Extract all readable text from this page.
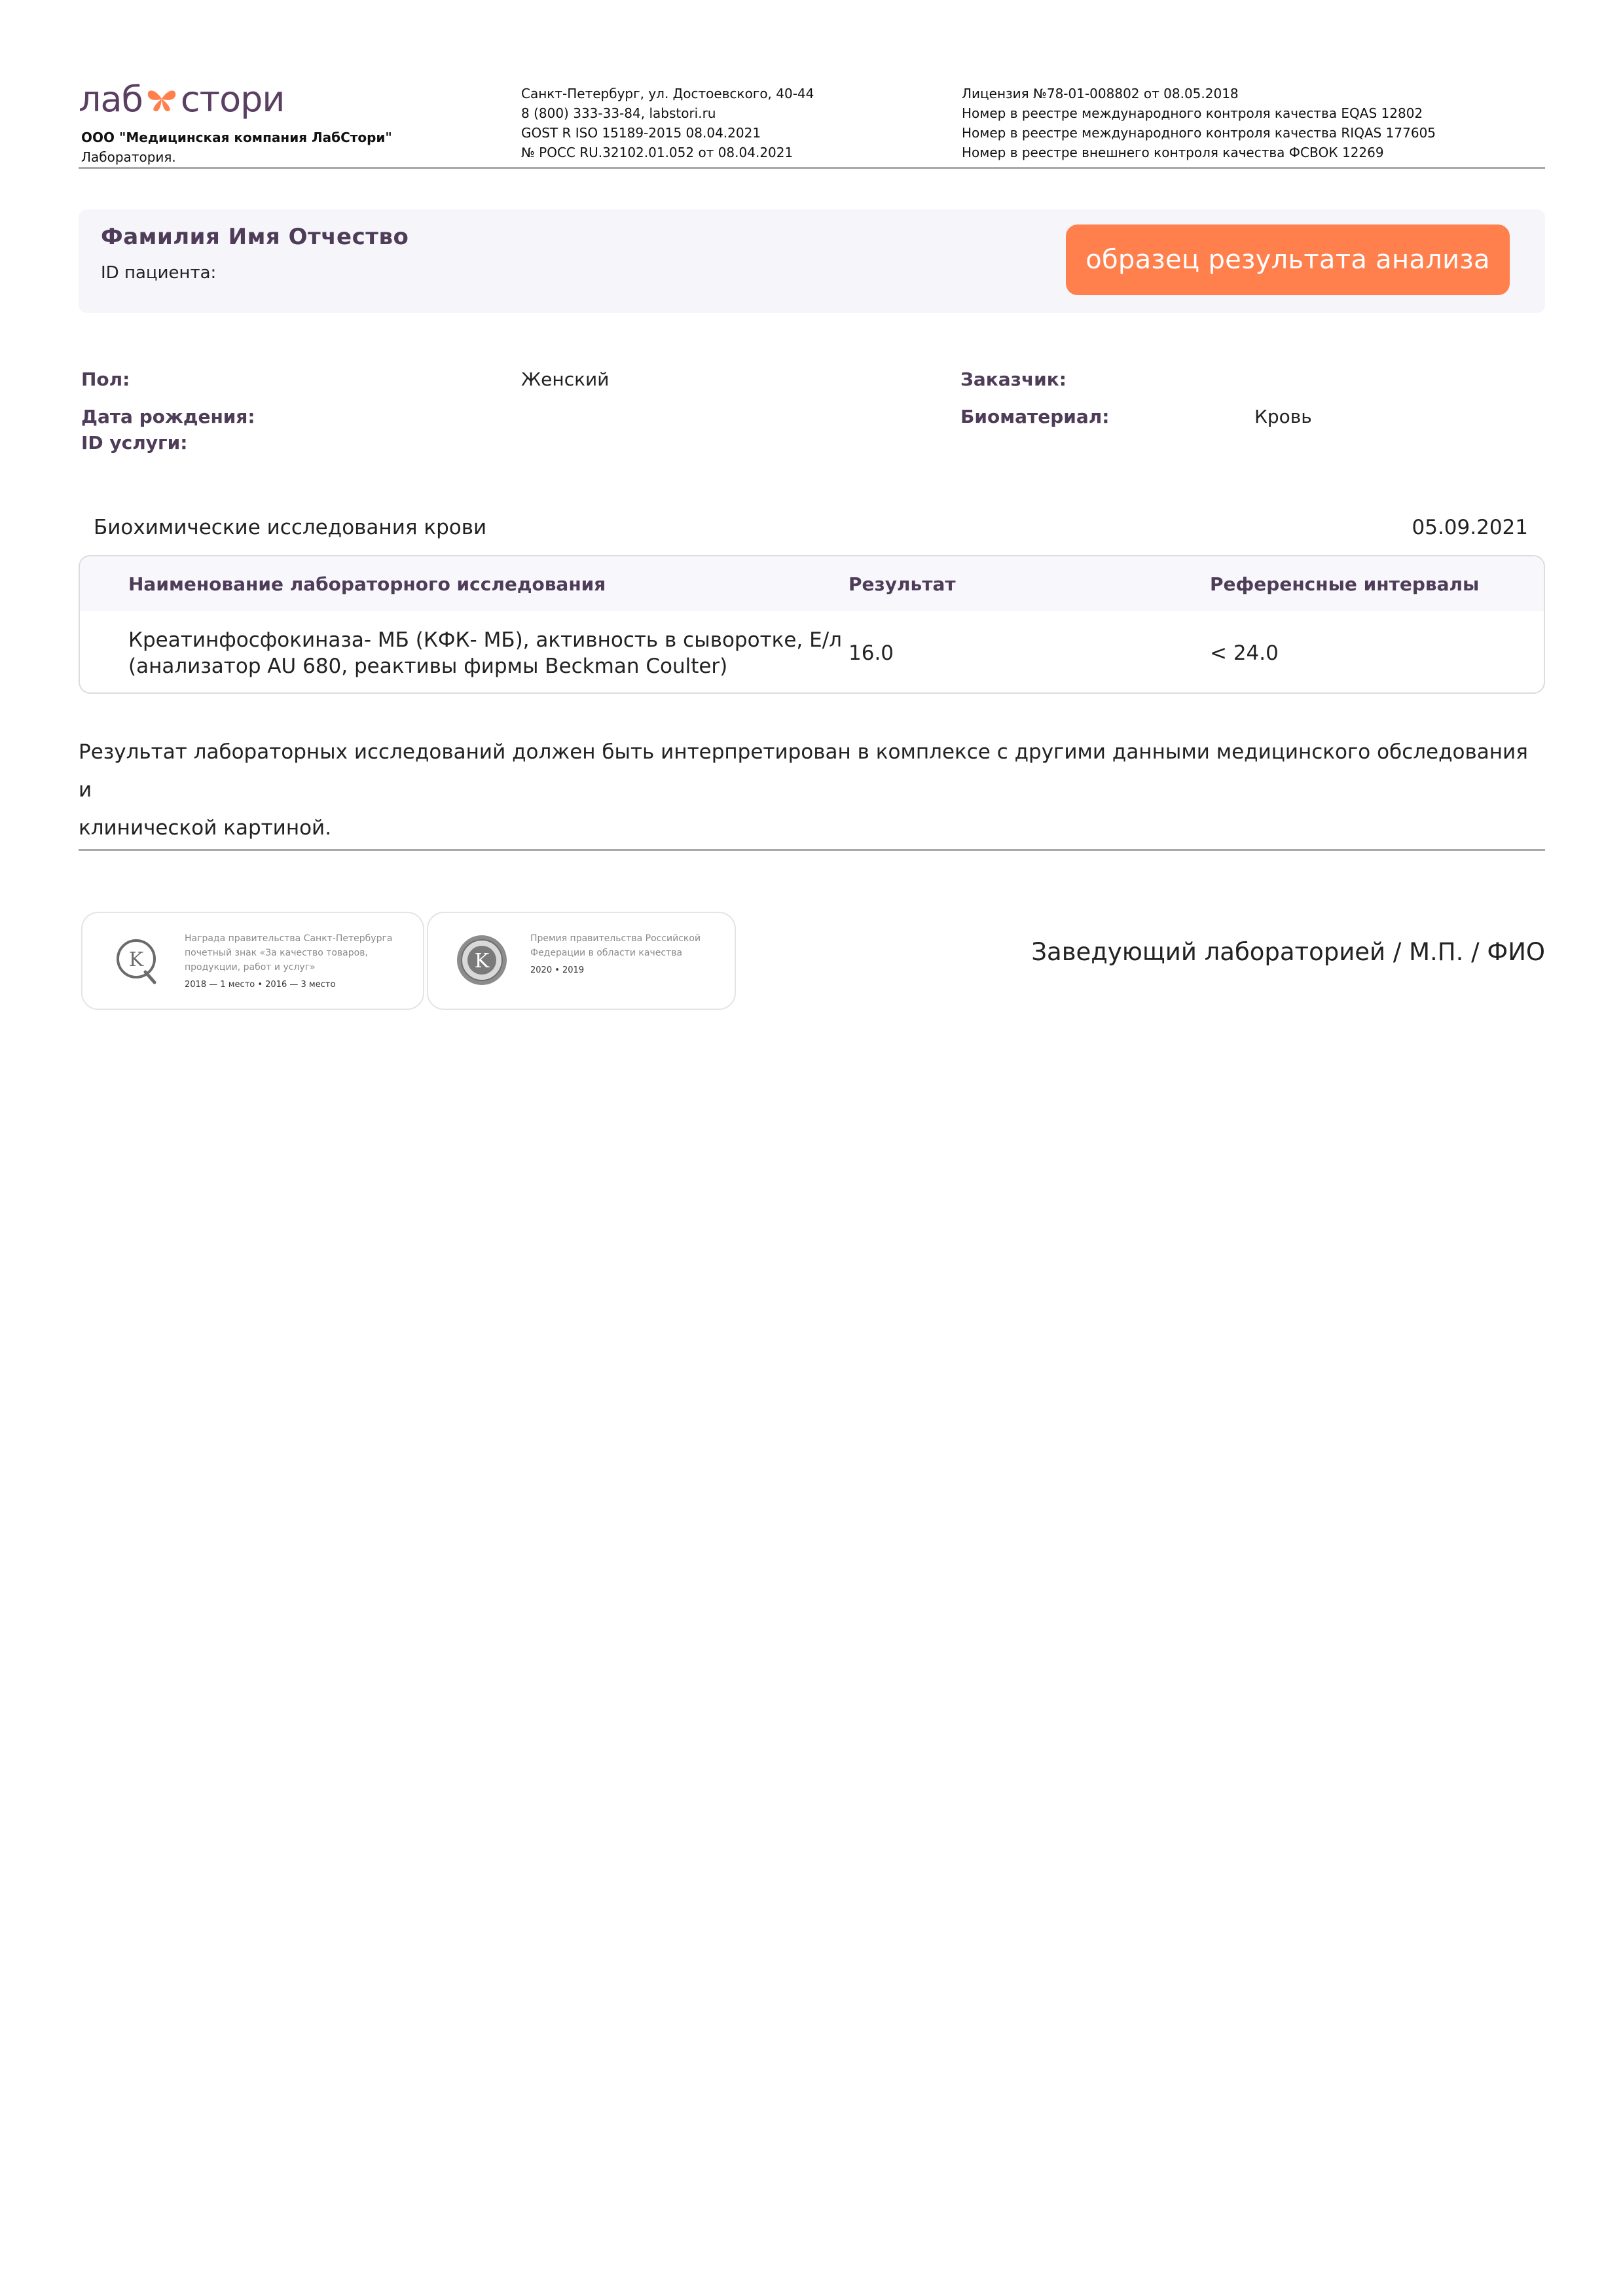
лаб стори
ООО "Медицинская компания ЛабСтори"
Лаборатория.
Санкт-Петербург, ул. Достоевского, 40-44
8 (800) 333-33-84, labstori.ru
GOST R ISO 15189-2015 08.04.2021
№ РОСС RU.32102.01.052 от 08.04.2021
Лицензия №78-01-008802 от 08.05.2018
Номер в реестре международного контроля качества EQAS 12802
Номер в реестре международного контроля качества RIQAS 177605
Номер в реестре внешнего контроля качества ФСВОК 12269
Фамилия Имя Отчество
ID пациента:	образец результата анализа
Пол:	Женский	Заказчик:
Дата рождения:	Биоматериал:	Кровь
ID услуги:
Биохимические исследования крови	05.09.2021
Наименование лабораторного исследования	Результат	Референсные интервалы
Креатинфосфокиназа- МБ (КФК- МБ), активность в сыворотке, Е/л
(анализатор AU 680, реактивы фирмы Beckman Coulter)
16.0	< 24.0
Результат лабораторных исследований должен быть интерпретирован в комплексе с другими данными медицинского обследования и
клинической картиной.
K
Награда правительства Санкт-Петербурга
почетный знак «За качество товаров,
продукции, работ и услуг»
2018 — 1 место • 2016 — 3 место
K
Премия правительства Российской
Федерации в области качества
2020 • 2019
Заведующий лабораторией / М.П. / ФИО
